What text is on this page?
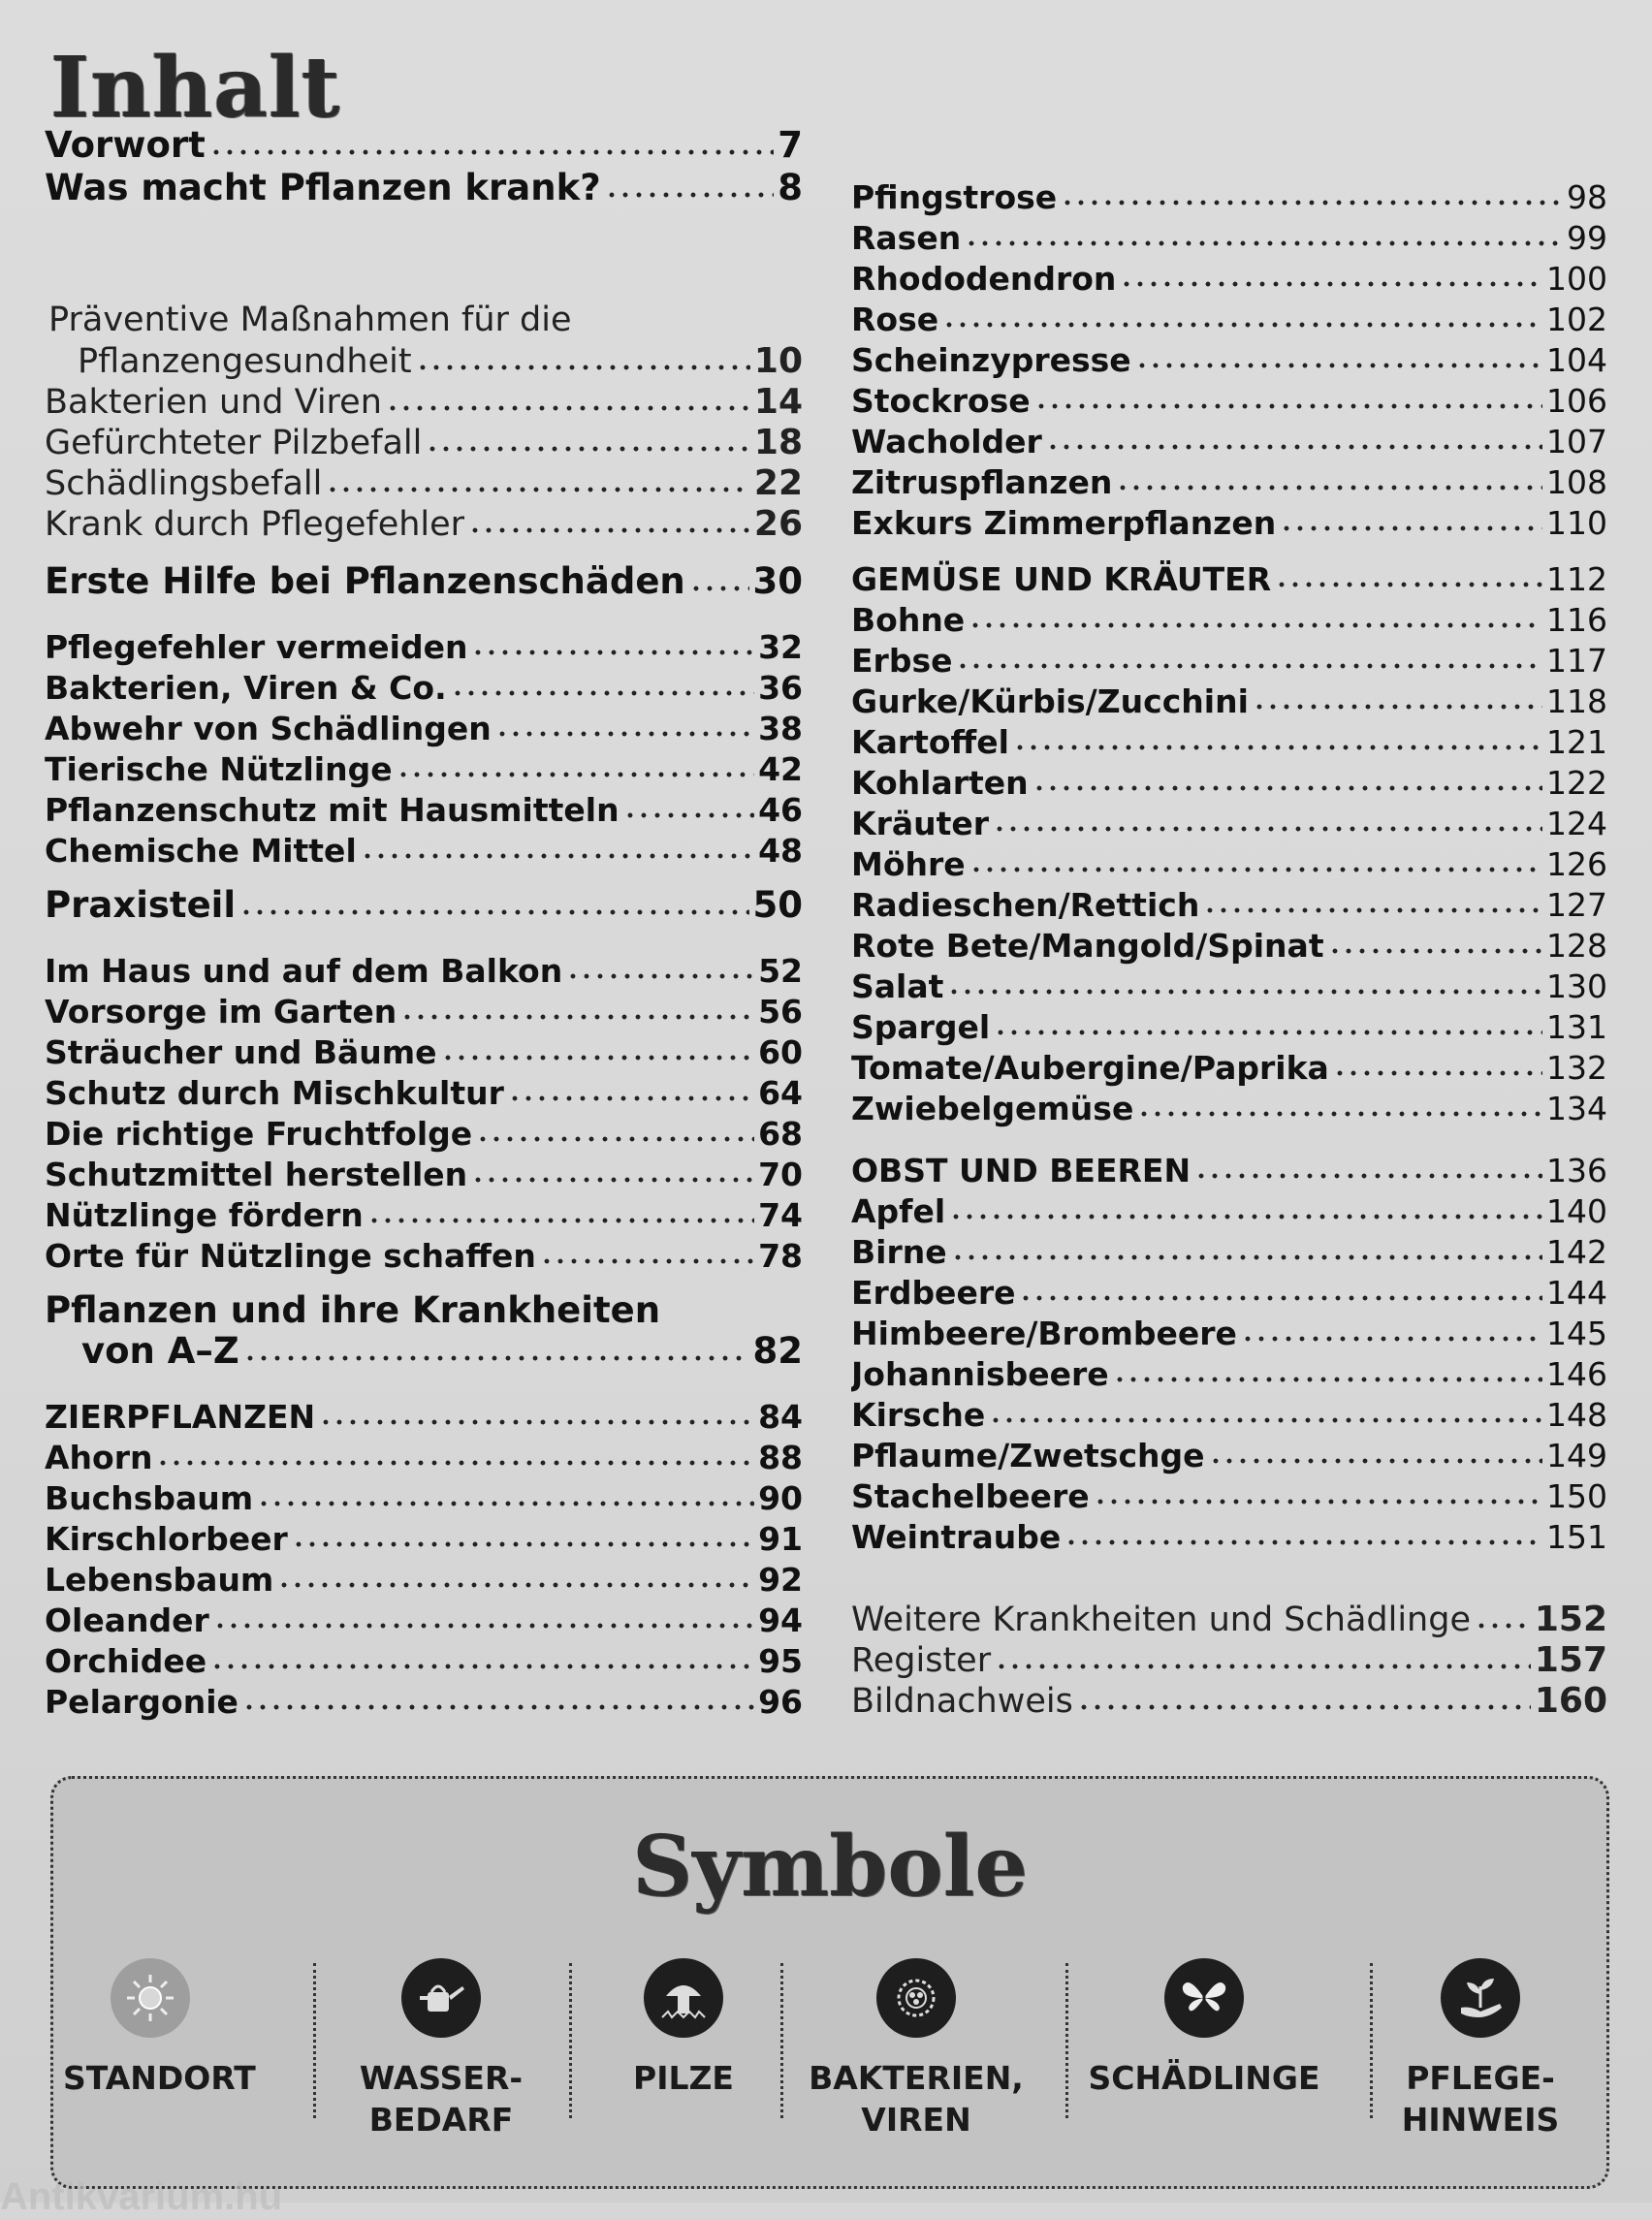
Inhalt
Vorwort	7
Was macht Pflanzen krank?	8
Präventive Maßnahmen für die
Pflanzengesundheit	10
Bakterien und Viren	14
Gefürchteter Pilzbefall	18
Schädlingsbefall	22
Krank durch Pflegefehler	26
Erste Hilfe bei Pflanzenschäden 30
Pflegefehler vermeiden	32
Bakterien, Viren & Co.	36
Abwehr von Schädlingen	38
Tierische Nützlinge	42
Pflanzenschutz mit Hausmitteln	46
Chemische Mittel	48
Praxisteil	50
Im Haus und auf dem Balkon	52
Vorsorge im Garten	56
Sträucher und Bäume	60
Schutz durch Mischkultur	64
Die richtige Fruchtfolge	68
Schutzmittel herstellen	70
Nützlinge fördern	74
Orte für Nützlinge schaffen	78
Pflanzen und ihre Krankheiten
von A–Z	82
ZIERPFLANZEN	84
Ahorn	88
Buchsbaum	90
Kirschlorbeer	91
Lebensbaum	92
Oleander	94
Orchidee	95
Pelargonie	96
Pfingstrose	98
Rasen	99
Rhododendron	100
Rose	102
Scheinzypresse	104
Stockrose	106
Wacholder	107
Zitruspflanzen	108
Exkurs Zimmerpflanzen	110
GEMÜSE UND KRÄUTER	112
Bohne	116
Erbse	117
Gurke/Kürbis/Zucchini	118
Kartoffel	121
Kohlarten	122
Kräuter	124
Möhre	126
Radieschen/Rettich	127
Rote Bete/Mangold/Spinat	128
Salat	130
Spargel	131
Tomate/Aubergine/Paprika	132
Zwiebelgemüse	134
OBST UND BEEREN	136
Apfel	140
Birne	142
Erdbeere	144
Himbeere/Brombeere	145
Johannisbeere	146
Kirsche	148
Pflaume/Zwetschge	149
Stachelbeere	150
Weintraube	151
Weitere Krankheiten und Schädlinge 152
Register	157
Bildnachweis	160
Symbole
STANDORT	WASSER-
BEDARF
PILZE	BAKTERIEN,
VIREN
SCHÄDLINGE	PFLEGE-
HINWEIS
Antikvarium.hu
